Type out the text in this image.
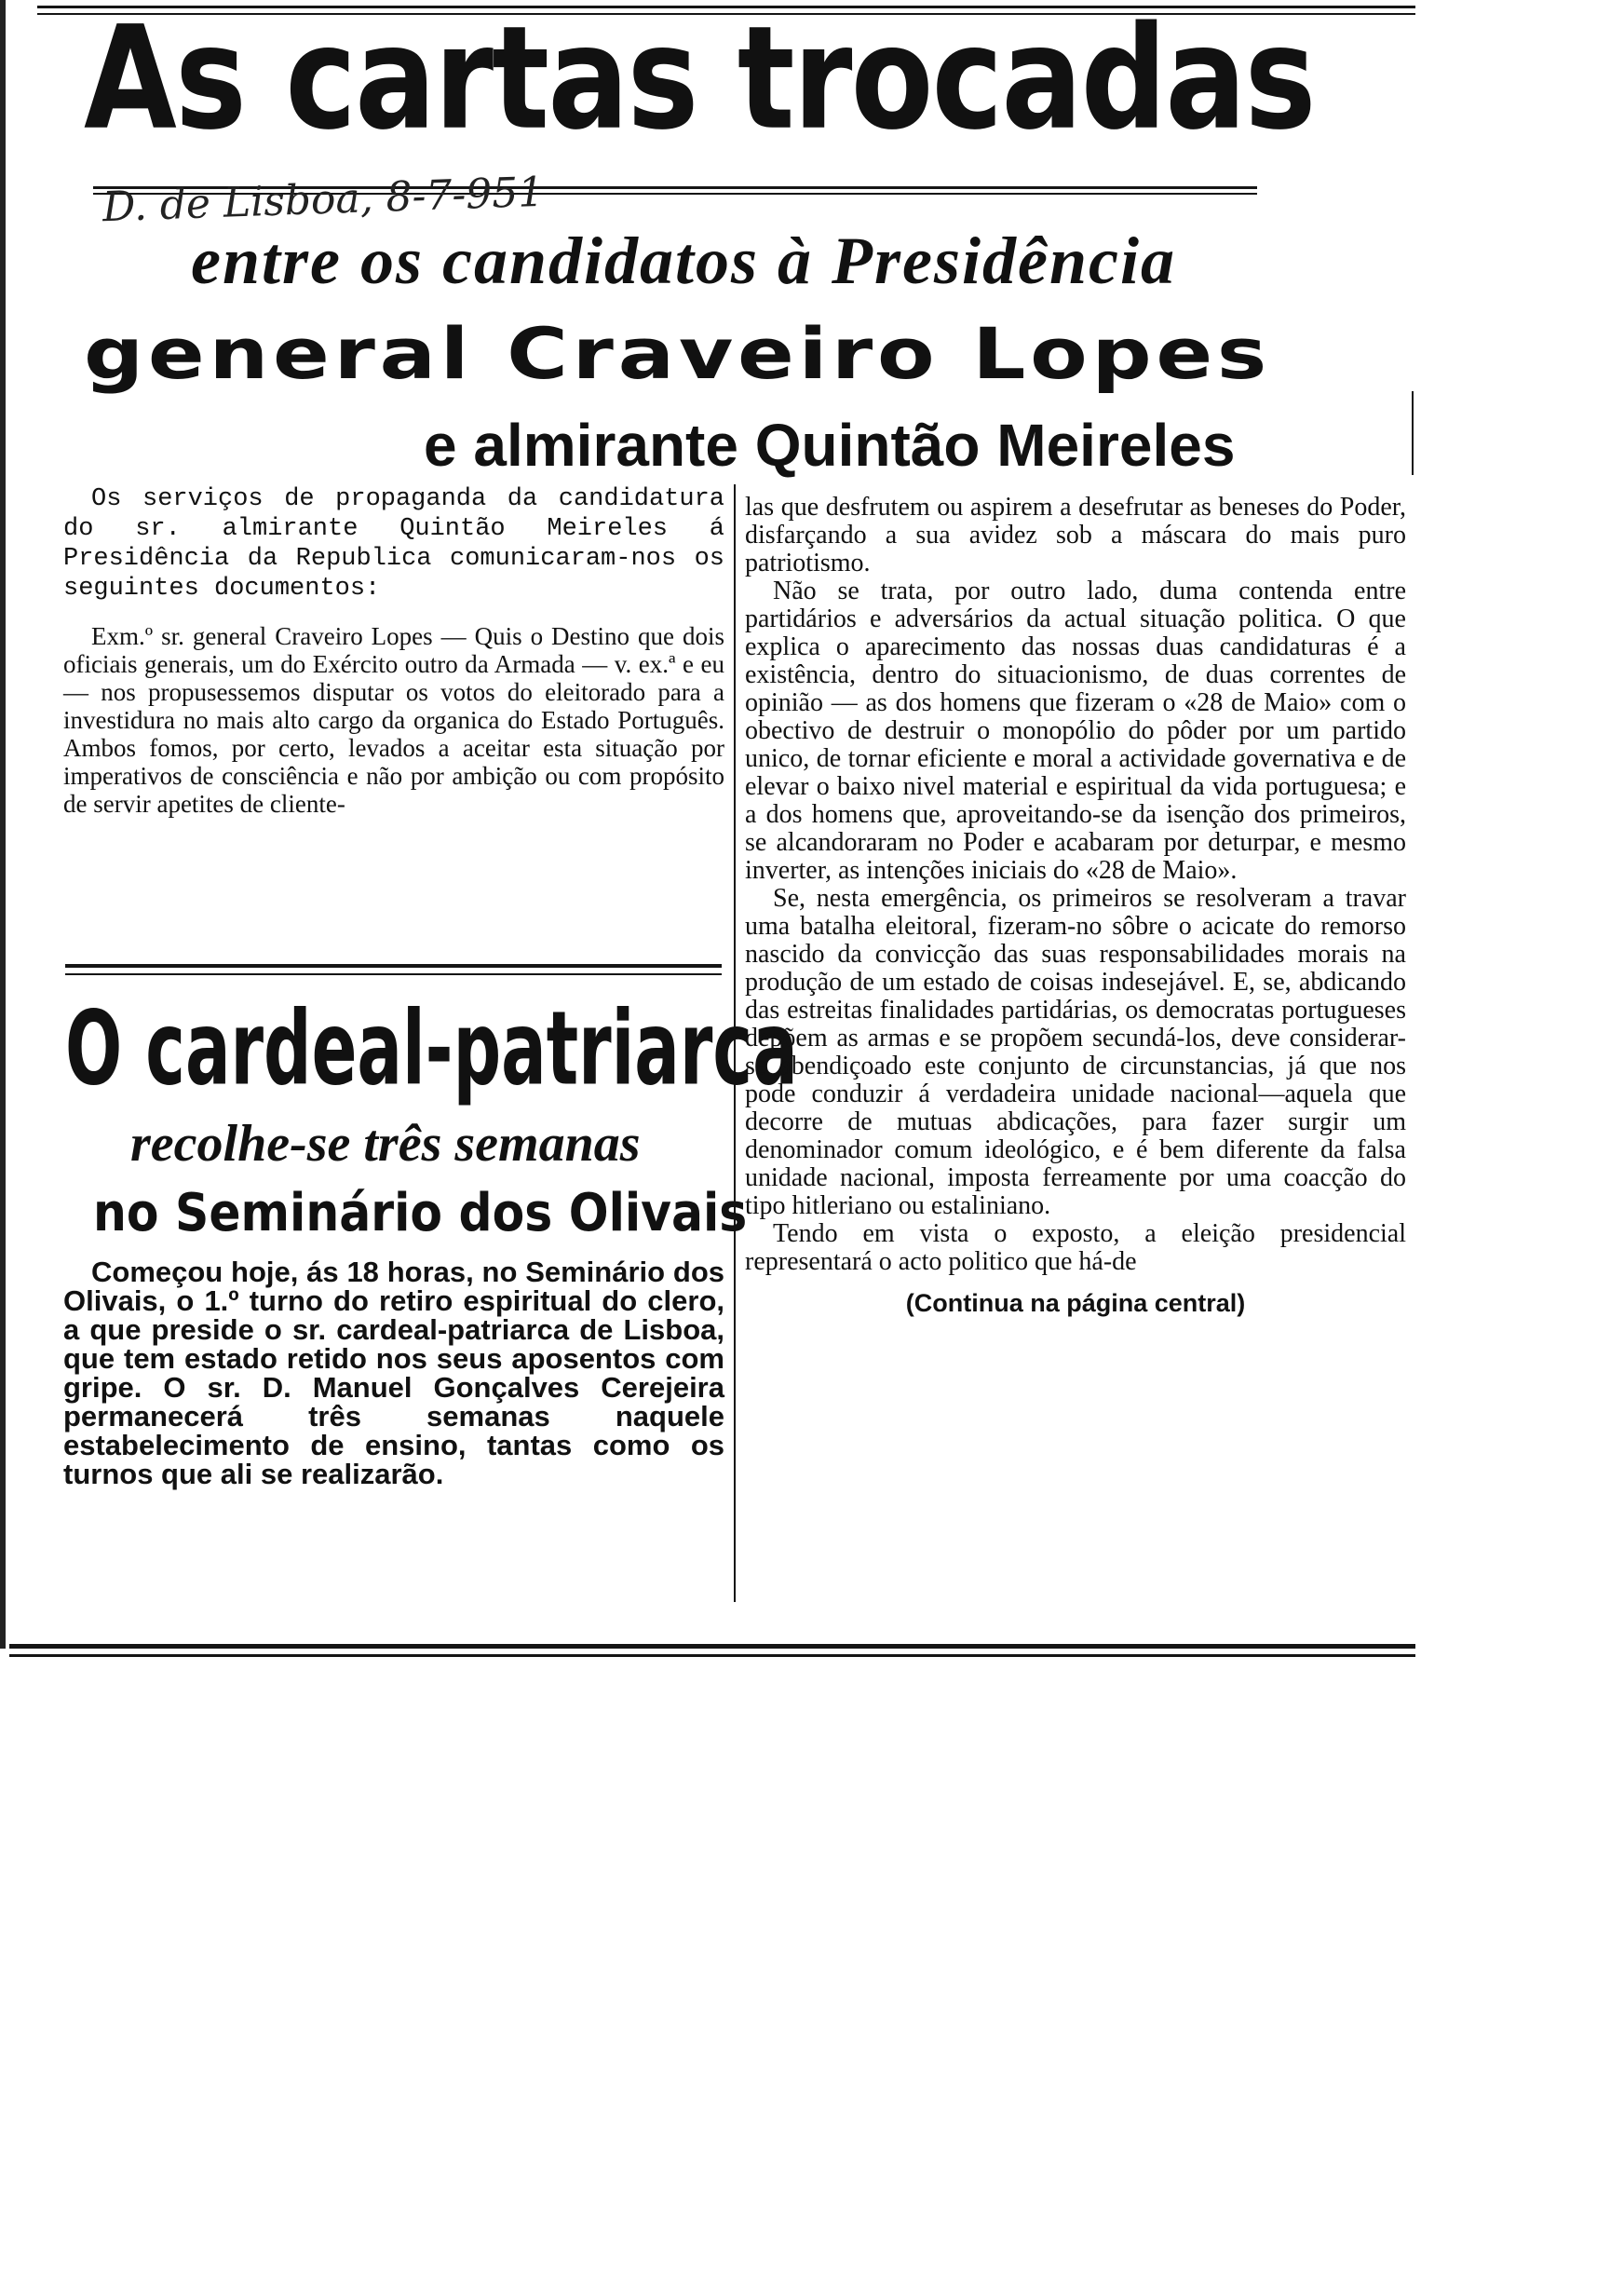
As cartas trocadas
D. de Lisboa, 8-7-951
entre os candidatos à Presidência
general Craveiro Lopes
e almirante Quintão Meireles

Os serviços de propaganda da candidatura do sr. almirante Quintão Meireles á Presidência da Republica comunicaram-nos os seguintes documentos:

Exm.º sr. general Craveiro Lopes — Quis o Destino que dois oficiais generais, um do Exército outro da Armada — v. ex.ª e eu — nos propusessemos disputar os votos do eleitorado para a investidura no mais alto cargo da organica do Estado Português. Ambos fomos, por certo, levados a aceitar esta situação por imperativos de consciência e não por ambição ou com propósito de servir apetites de cliente-

O cardeal-patriarca
recolhe-se três semanas
no Seminário dos Olivais

Começou hoje, ás 18 horas, no Seminário dos Olivais, o 1.º turno do retiro espiritual do clero, a que preside o sr. cardeal-patriarca de Lisboa, que tem estado retido nos seus aposentos com gripe. O sr. D. Manuel Gonçalves Cerejeira permanecerá três semanas naquele estabelecimento de ensino, tantas como os turnos que ali se realizarão.

las que desfrutem ou aspirem a desefrutar as beneses do Poder, disfarçando a sua avidez sob a máscara do mais puro patriotismo.

Não se trata, por outro lado, duma contenda entre partidários e adversários da actual situação politica. O que explica o aparecimento das nossas duas candidaturas é a existência, dentro do situacionismo, de duas correntes de opinião — as dos homens que fizeram o «28 de Maio» com o obectivo de destruir o monopólio do pôder por um partido unico, de tornar eficiente e moral a actividade governativa e de elevar o baixo nivel material e espiritual da vida portuguesa; e a dos homens que, aproveitando-se da isenção dos primeiros, se alcandoraram no Poder e acabaram por deturpar, e mesmo inverter, as intenções iniciais do «28 de Maio».

Se, nesta emergência, os primeiros se resolveram a travar uma batalha eleitoral, fizeram-no sôbre o acicate do remorso nascido da convicção das suas responsabilidades morais na produção de um estado de coisas indesejável. E, se, abdicando das estreitas finalidades partidárias, os democratas portugueses depõem as armas e se propõem secundá-los, deve considerar-se abendiçoado este conjunto de circunstancias, já que nos pode conduzir á verdadeira unidade nacional—aquela que decorre de mutuas abdicações, para fazer surgir um denominador comum ideológico, e é bem diferente da falsa unidade nacional, imposta ferreamente por uma coacção do tipo hitleriano ou estaliniano.

Tendo em vista o exposto, a eleição presidencial representará o acto politico que há-de

(Continua na página central)
